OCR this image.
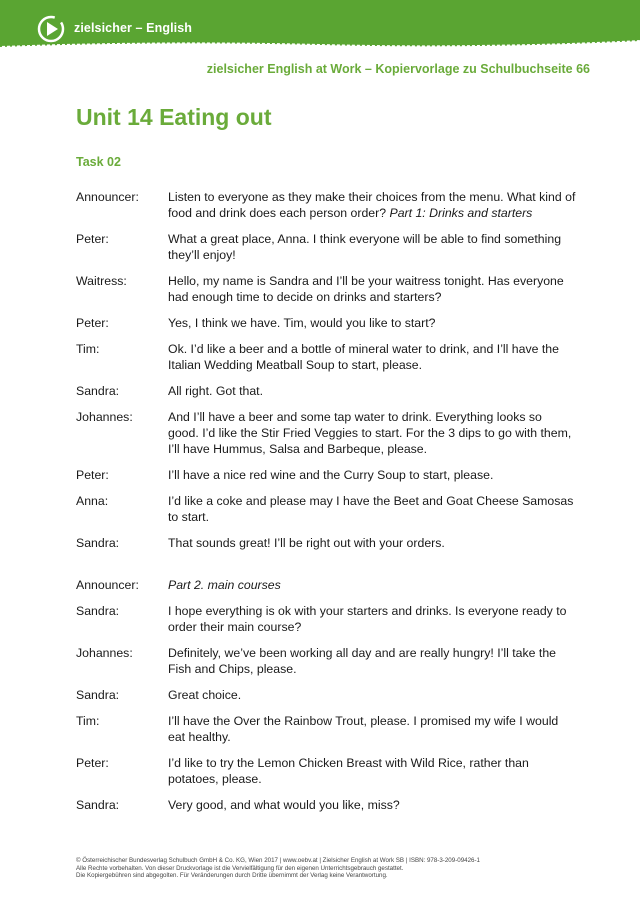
zielsicher – English
zielsicher English at Work – Kopiervorlage zu Schulbuchseite 66
Unit 14 Eating out
Task 02
Announcer:	Listen to everyone as they make their choices from the menu. What kind of food and drink does each person order? Part 1: Drinks and starters
Peter:	What a great place, Anna. I think everyone will be able to find something they’ll enjoy!
Waitress:	Hello, my name is Sandra and I’ll be your waitress tonight. Has everyone had enough time to decide on drinks and starters?
Peter:	Yes, I think we have. Tim, would you like to start?
Tim:	Ok. I’d like a beer and a bottle of mineral water to drink, and I’ll have the Italian Wedding Meatball Soup to start, please.
Sandra:	All right. Got that.
Johannes:	And I’ll have a beer and some tap water to drink. Everything looks so good. I’d like the Stir Fried Veggies to start. For the 3 dips to go with them, I’ll have Hummus, Salsa and Barbeque, please.
Peter:	I’ll have a nice red wine and the Curry Soup to start, please.
Anna:	I’d like a coke and please may I have the Beet and Goat Cheese Samosas to start.
Sandra:	That sounds great! I’ll be right out with your orders.
Announcer:	Part 2. main courses
Sandra:	I hope everything is ok with your starters and drinks. Is everyone ready to order their main course?
Johannes:	Definitely, we’ve been working all day and are really hungry! I’ll take the Fish and Chips, please.
Sandra:	Great choice.
Tim:	I’ll have the Over the Rainbow Trout, please. I promised my wife I would eat healthy.
Peter:	I’d like to try the Lemon Chicken Breast with Wild Rice, rather than potatoes, please.
Sandra:	Very good, and what would you like, miss?
© Österreichischer Bundesverlag Schulbuch GmbH & Co. KG, Wien 2017 | www.oebv.at | Zielsicher English at Work SB | ISBN: 978-3-209-09426-1
Alle Rechte vorbehalten. Von dieser Druckvorlage ist die Vervielfältigung für den eigenen Unterrichtsgebrauch gestattet.
Die Kopiergebühren sind abgegolten. Für Veränderungen durch Dritte übernimmt der Verlag keine Verantwortung.
